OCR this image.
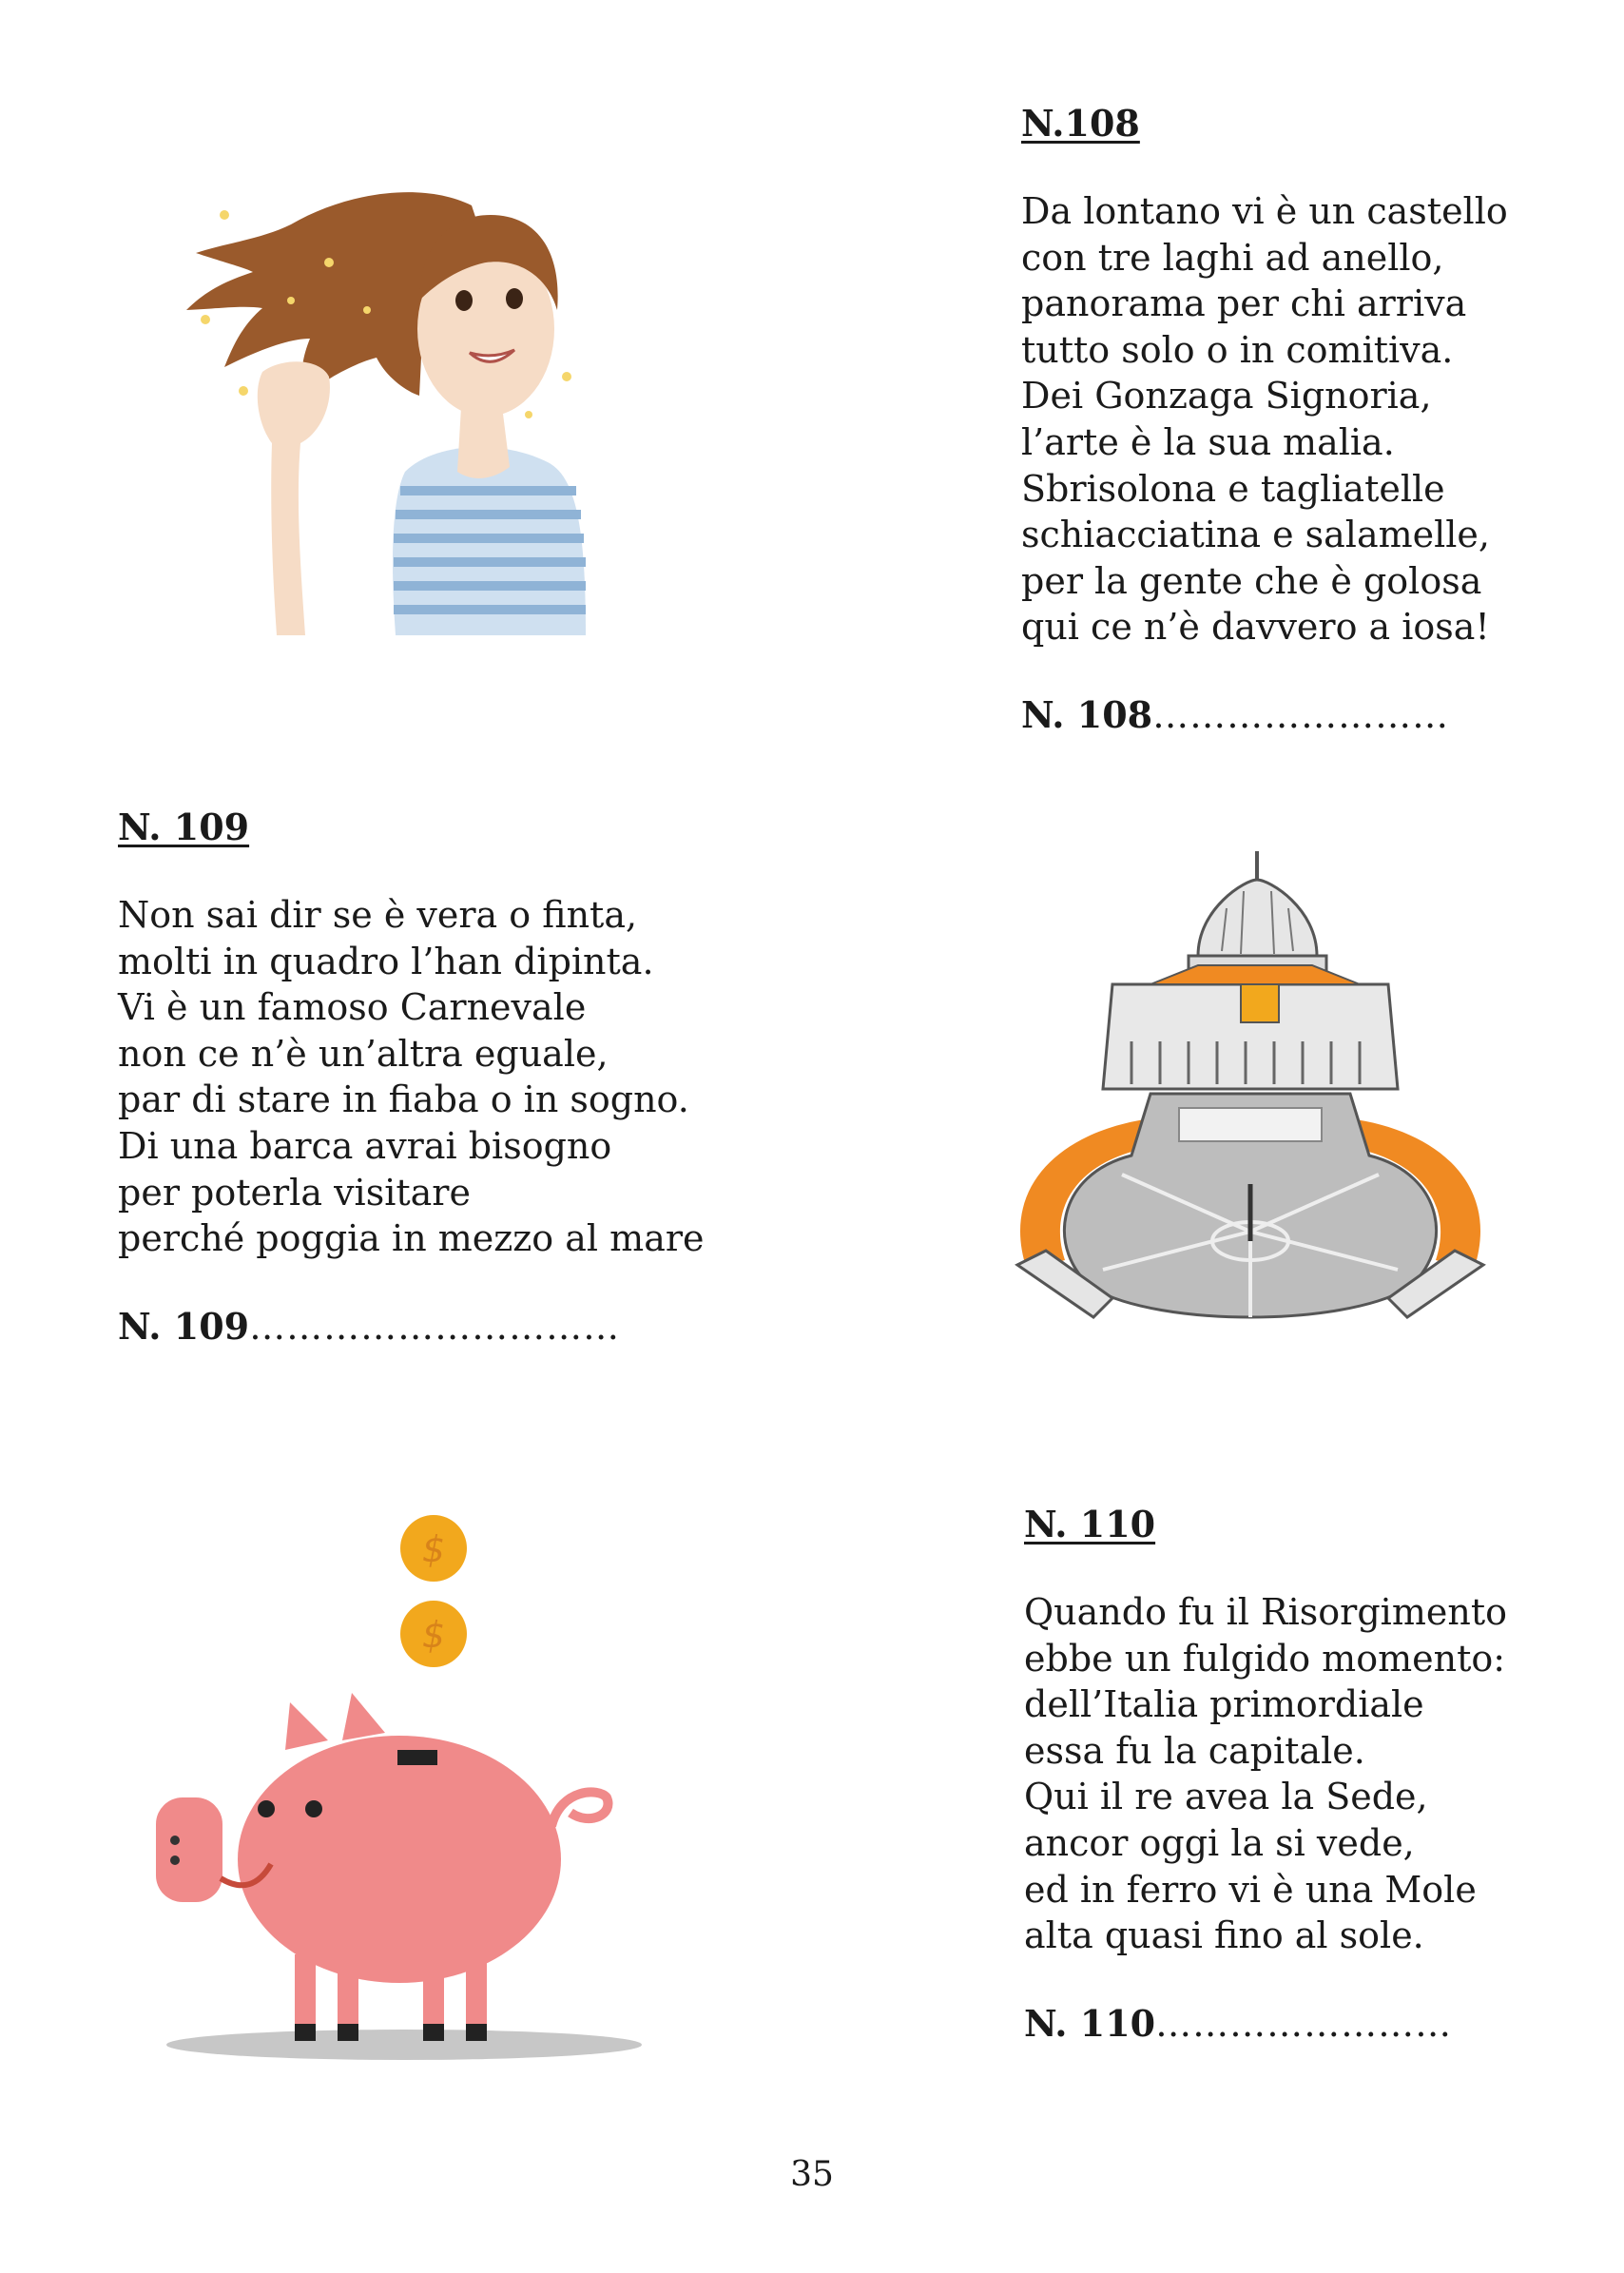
N.108
Da lontano vi è un castello
con tre laghi ad anello,
panorama per chi arriva
tutto solo o in comitiva.
Dei Gonzaga Signoria,
l’arte è la sua malia.
Sbrisolona e tagliatelle
schiacciatina e salamelle,
per la gente che è golosa
qui ce n’è davvero a iosa!
N. 108……………………
N. 109
Non sai dir se è vera o finta,
molti in quadro l’han dipinta.
Vi è un famoso Carnevale
non ce n’è un’altra eguale,
par di stare in fiaba o in sogno.
Di una barca avrai bisogno
per poterla visitare
perché poggia in mezzo al mare
N. 109…………………………
$
$
N. 110
Quando fu il Risorgimento
ebbe un fulgido momento:
dell’Italia primordiale
essa fu la capitale.
Qui il re avea la Sede,
ancor oggi la si vede,
ed in ferro vi è una Mole
alta quasi fino al sole.
N. 110……………………
35
